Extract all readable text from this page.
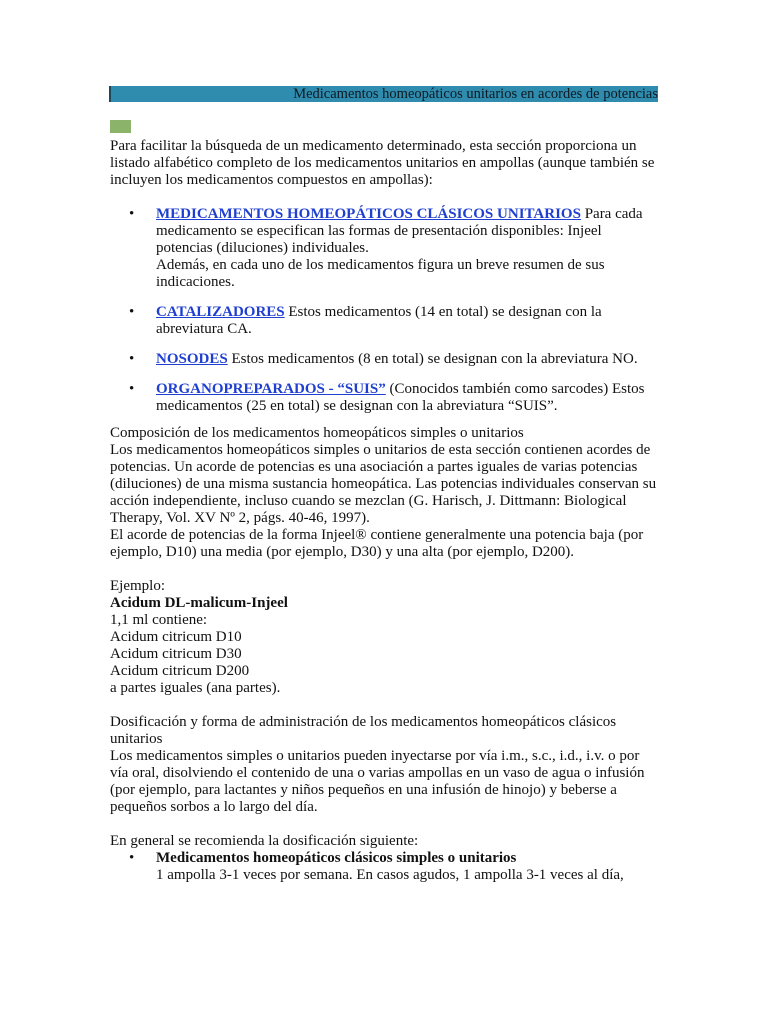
Medicamentos homeopáticos unitarios en acordes de potencias

Para facilitar la búsqueda de un medicamento determinado, esta sección proporciona un listado alfabético completo de los medicamentos unitarios en ampollas (aunque también se incluyen los medicamentos compuestos en ampollas):

• MEDICAMENTOS HOMEOPÁTICOS CLÁSICOS UNITARIOS Para cada medicamento se especifican las formas de presentación disponibles: Injeel potencias (diluciones) individuales.
Además, en cada uno de los medicamentos figura un breve resumen de sus indicaciones.
• CATALIZADORES Estos medicamentos (14 en total) se designan con la abreviatura CA.
• NOSODES Estos medicamentos (8 en total) se designan con la abreviatura NO.
• ORGANOPREPARADOS - “SUIS” (Conocidos también como sarcodes) Estos medicamentos (25 en total) se designan con la abreviatura “SUIS”.

Composición de los medicamentos homeopáticos simples o unitarios

Los medicamentos homeopáticos simples o unitarios de esta sección contienen acordes de potencias. Un acorde de potencias es una asociación a partes iguales de varias potencias (diluciones) de una misma sustancia homeopática. Las potencias individuales conservan su acción independiente, incluso cuando se mezclan (G. Harisch, J. Dittmann: Biological Therapy, Vol. XV Nº 2, págs. 40-46, 1997).

El acorde de potencias de la forma Injeel® contiene generalmente una potencia baja (por ejemplo, D10) una media (por ejemplo, D30) y una alta (por ejemplo, D200).

Ejemplo:
Acidum DL-malicum-Injeel
1,1 ml contiene:
Acidum citricum D10
Acidum citricum D30
Acidum citricum D200
a partes iguales (ana partes).

Dosificación y forma de administración de los medicamentos homeopáticos clásicos unitarios

Los medicamentos simples o unitarios pueden inyectarse por vía i.m., s.c., i.d., i.v. o por vía oral, disolviendo el contenido de una o varias ampollas en un vaso de agua o infusión (por ejemplo, para lactantes y niños pequeños en una infusión de hinojo) y beberse a pequeños sorbos a lo largo del día.

En general se recomienda la dosificación siguiente:

• Medicamentos homeopáticos clásicos simples o unitarios
1 ampolla 3-1 veces por semana. En casos agudos, 1 ampolla 3-1 veces al día,
